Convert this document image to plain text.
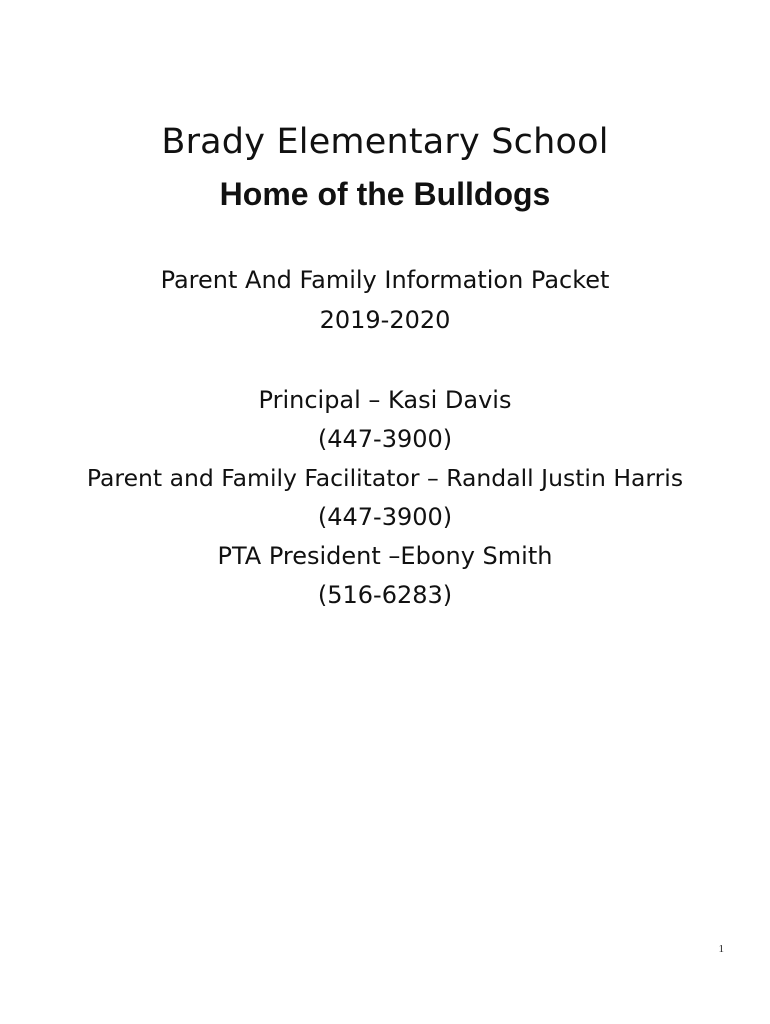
Brady Elementary School
Home of the Bulldogs
Parent And Family Information Packet
2019-2020
Principal – Kasi Davis
(447-3900)
Parent and Family Facilitator – Randall Justin Harris
(447-3900)
PTA President –Ebony Smith
(516-6283)
1
